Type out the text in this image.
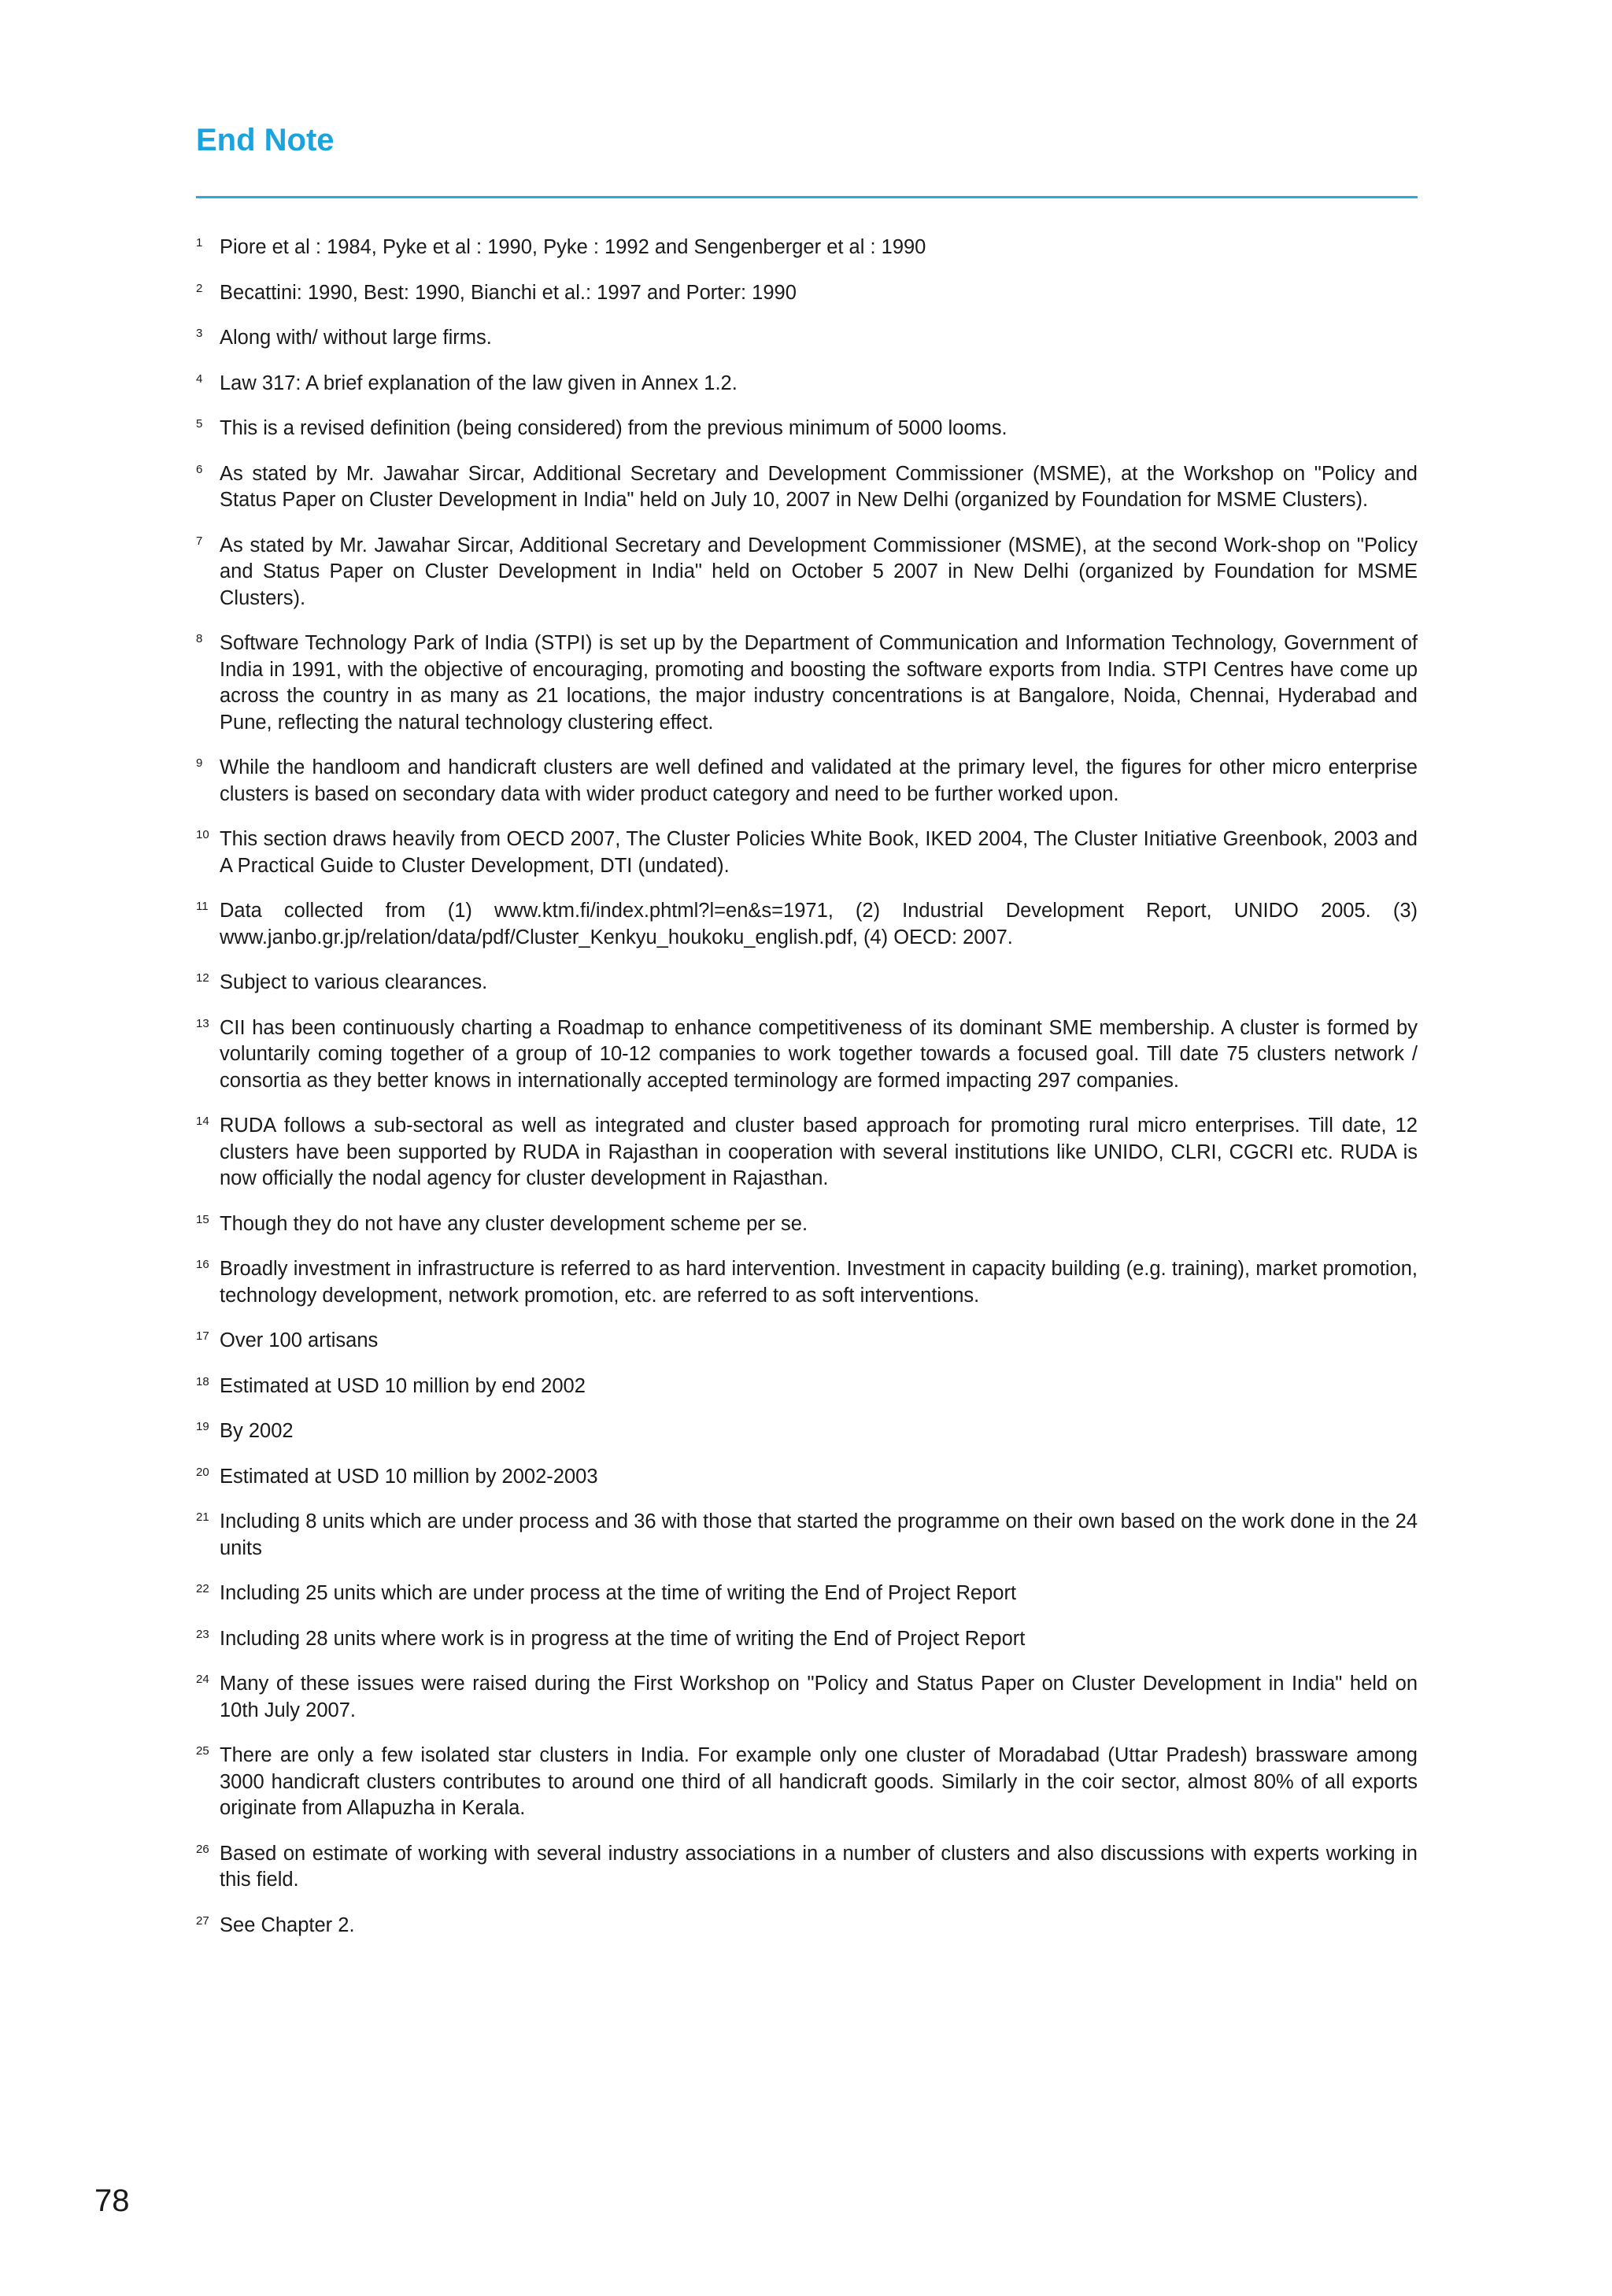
End Note
1 Piore et al : 1984, Pyke et al : 1990, Pyke : 1992 and Sengenberger et al : 1990
2 Becattini: 1990, Best: 1990, Bianchi et al.: 1997 and Porter: 1990
3 Along with/ without large firms.
4 Law 317: A brief explanation of the law given in Annex 1.2.
5 This is a revised definition (being considered) from the previous minimum of 5000 looms.
6 As stated by Mr. Jawahar Sircar, Additional Secretary and Development Commissioner (MSME), at the Workshop on "Policy and Status Paper on Cluster Development in India" held on July 10, 2007 in New Delhi (organized by Foundation for MSME Clusters).
7 As stated by Mr. Jawahar Sircar, Additional Secretary and Development Commissioner (MSME), at the second Work-shop on "Policy and Status Paper on Cluster Development in India" held on October 5 2007 in New Delhi (organized by Foundation for MSME Clusters).
8 Software Technology Park of India (STPI) is set up by the Department of Communication and Information Technology, Government of India in 1991, with the objective of encouraging, promoting and boosting the software exports from India. STPI Centres have come up across the country in as many as 21 locations, the major industry concentrations is at Bangalore, Noida, Chennai, Hyderabad and Pune, reflecting the natural technology clustering effect.
9 While the handloom and handicraft clusters are well defined and validated at the primary level, the figures for other micro enterprise clusters is based on secondary data with wider product category and need to be further worked upon.
10 This section draws heavily from OECD 2007, The Cluster Policies White Book, IKED 2004, The Cluster Initiative Greenbook, 2003 and A Practical Guide to Cluster Development, DTI (undated).
11 Data collected from (1) www.ktm.fi/index.phtml?l=en&s=1971, (2) Industrial Development Report, UNIDO 2005. (3) www.janbo.gr.jp/relation/data/pdf/Cluster_Kenkyu_houkoku_english.pdf, (4) OECD: 2007.
12 Subject to various clearances.
13 CII has been continuously charting a Roadmap to enhance competitiveness of its dominant SME membership. A cluster is formed by voluntarily coming together of a group of 10-12 companies to work together towards a focused goal. Till date 75 clusters network / consortia as they better knows in internationally accepted terminology are formed impacting 297 companies.
14 RUDA follows a sub-sectoral as well as integrated and cluster based approach for promoting rural micro enterprises. Till date, 12 clusters have been supported by RUDA in Rajasthan in cooperation with several institutions like UNIDO, CLRI, CGCRI etc. RUDA is now officially the nodal agency for cluster development in Rajasthan.
15 Though they do not have any cluster development scheme per se.
16 Broadly investment in infrastructure is referred to as hard intervention. Investment in capacity building (e.g. training), market promotion, technology development, network promotion, etc. are referred to as soft interventions.
17 Over 100 artisans
18 Estimated at USD 10 million by end 2002
19 By 2002
20 Estimated at USD 10 million by 2002-2003
21 Including 8 units which are under process and 36 with those that started the programme on their own based on the work done in the 24 units
22 Including 25 units which are under process at the time of writing the End of Project Report
23 Including 28 units where work is in progress at the time of writing the End of Project Report
24 Many of these issues were raised during the First Workshop on "Policy and Status Paper on Cluster Development in India" held on 10th July 2007.
25 There are only a few isolated star clusters in India. For example only one cluster of Moradabad (Uttar Pradesh) brassware among 3000 handicraft clusters contributes to around one third of all handicraft goods. Similarly in the coir sector, almost 80% of all exports originate from Allapuzha in Kerala.
26 Based on estimate of working with several industry associations in a number of clusters and also discussions with experts working in this field.
27 See Chapter 2.
78
